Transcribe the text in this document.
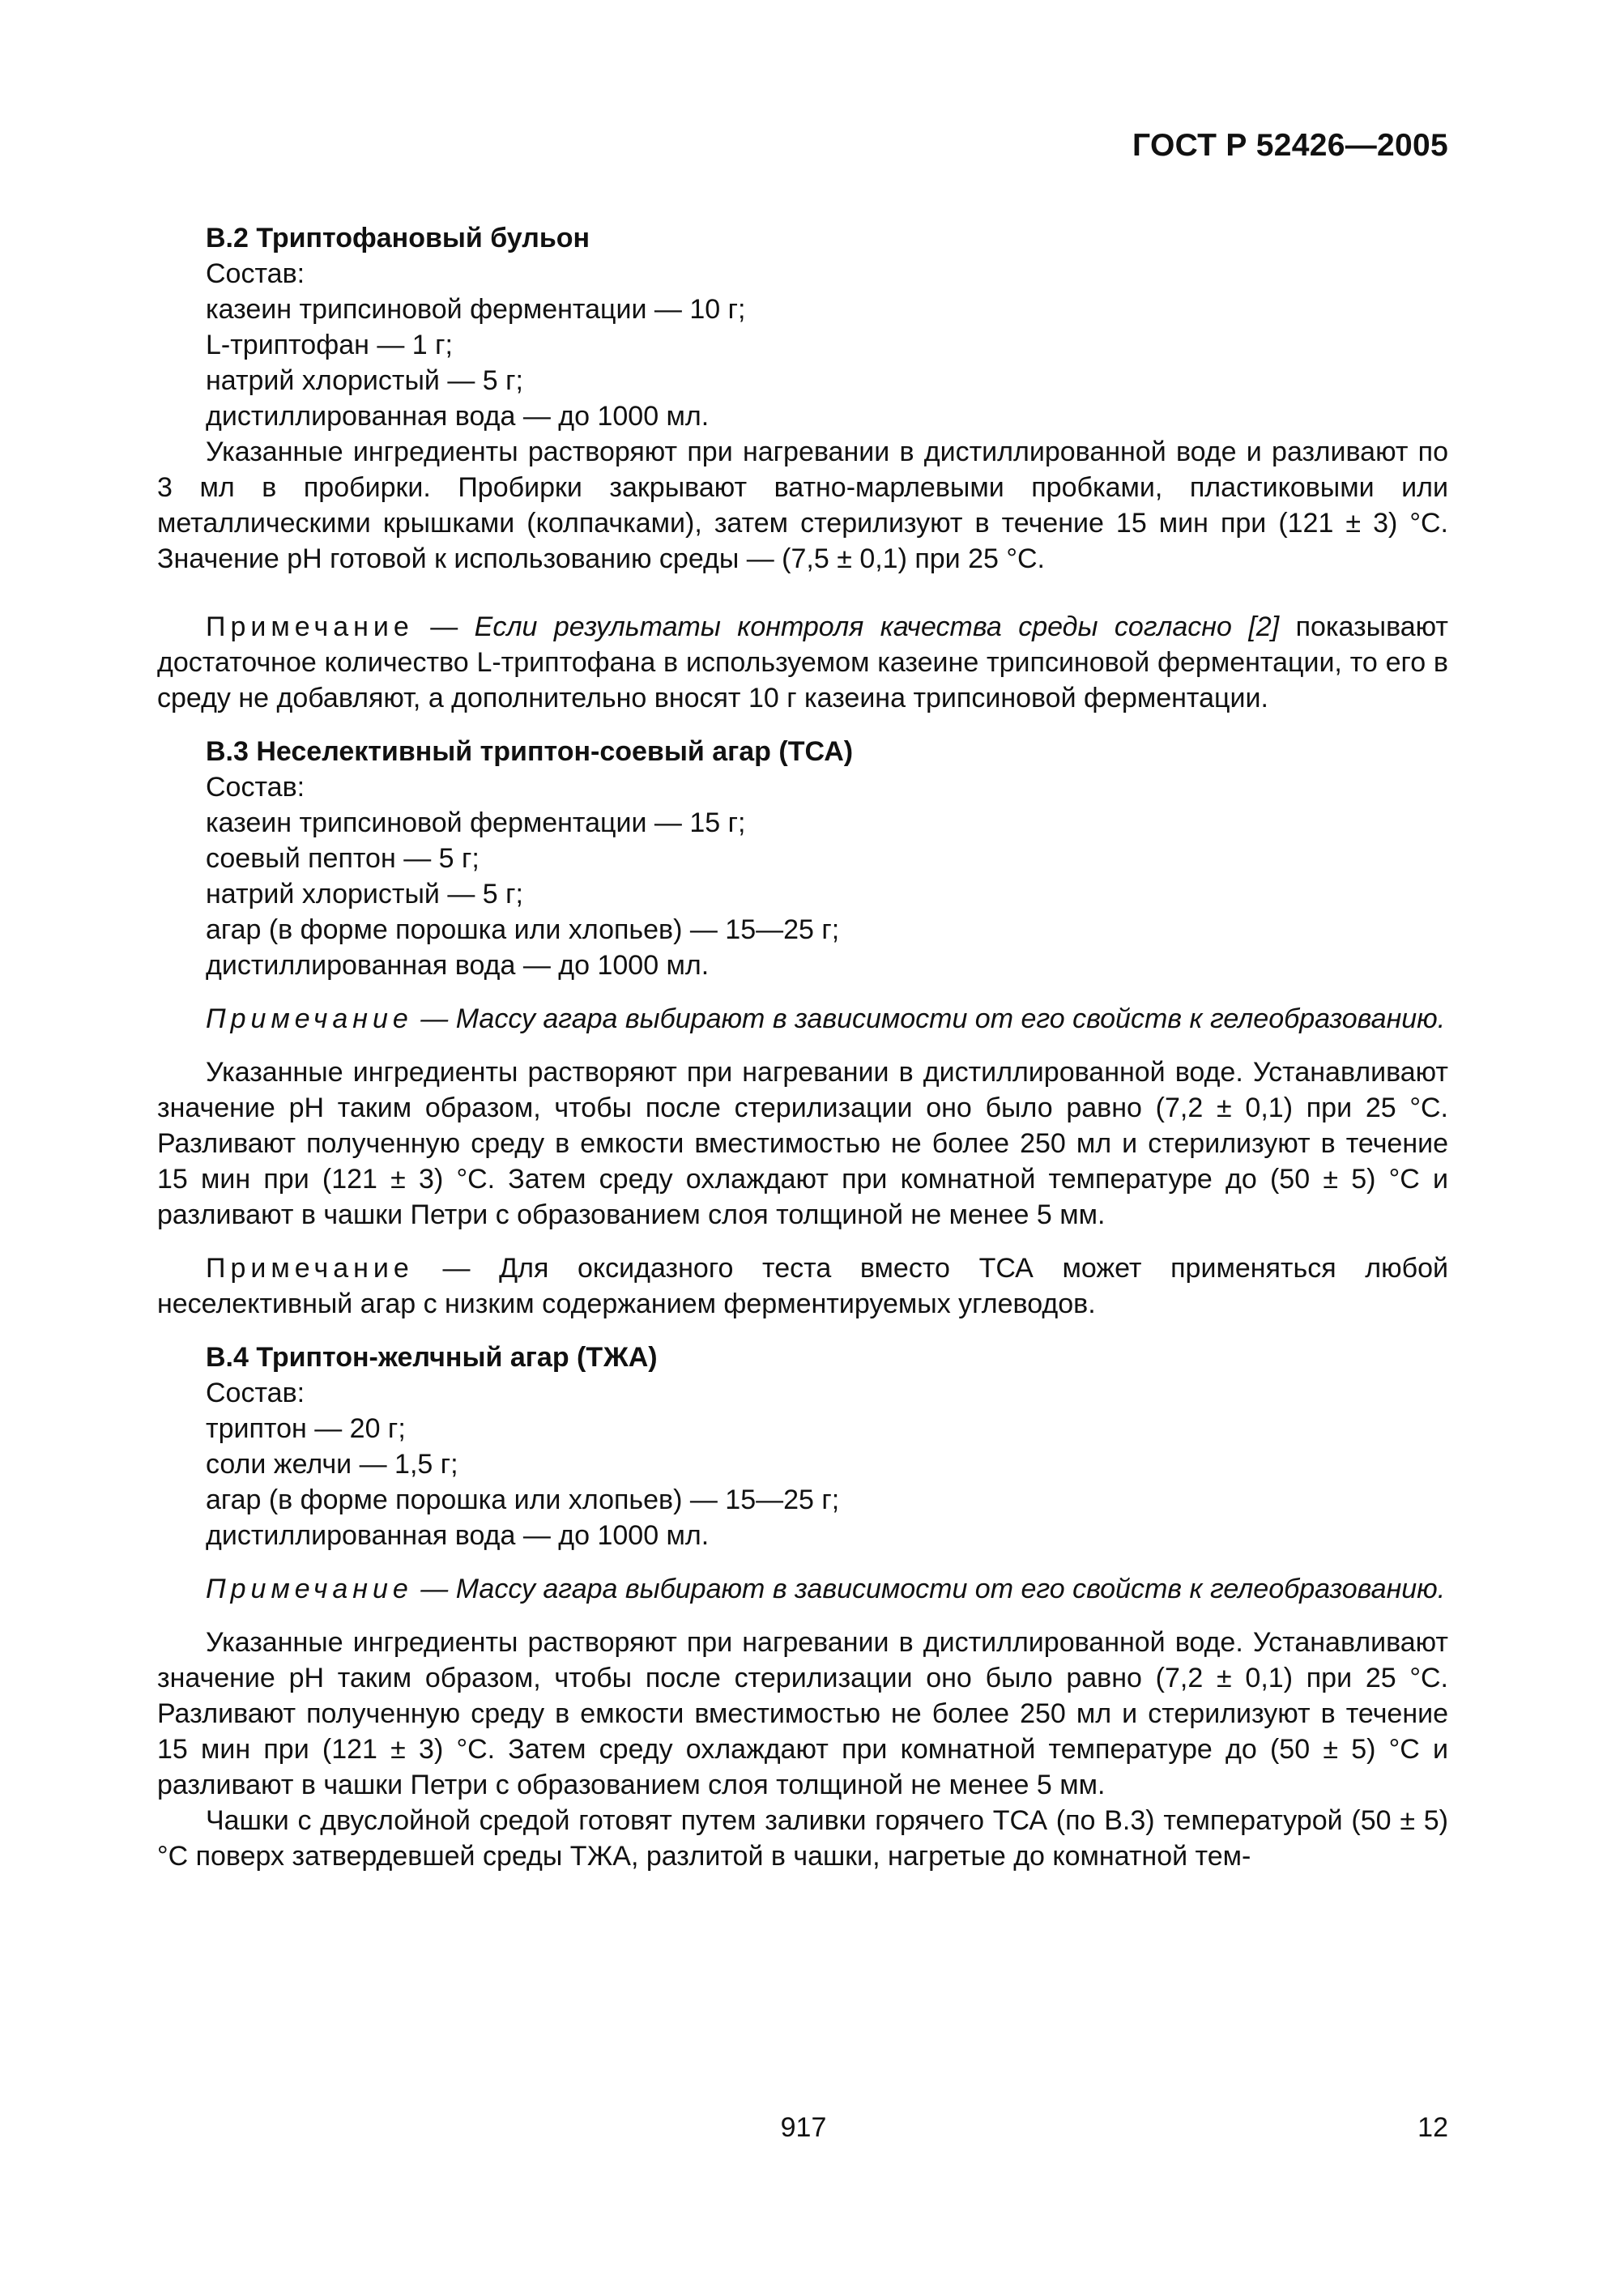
ГОСТ Р 52426—2005

В.2 Триптофановый бульон

Состав:

казеин трипсиновой ферментации — 10 г;

L-триптофан — 1 г;

натрий хлористый — 5 г;

дистиллированная вода — до 1000 мл.

Указанные ингредиенты растворяют при нагревании в дистиллированной воде и разливают по 3 мл в пробирки. Пробирки закрывают ватно-марлевыми пробками, пластиковыми или металлическими крышками (колпачками), затем стерилизуют в течение 15 мин при (121 ± 3) °С. Значение рН готовой к использованию среды — (7,5 ± 0,1) при 25 °С.

Примечание — Если результаты контроля качества среды согласно [2] показывают достаточное количество L-триптофана в используемом казеине трипсиновой ферментации, то его в среду не добавляют, а дополнительно вносят 10 г казеина трипсиновой ферментации.

В.3 Неселективный триптон-соевый агар (ТСА)

Состав:

казеин трипсиновой ферментации — 15 г;

соевый пептон — 5 г;

натрий хлористый — 5 г;

агар (в форме порошка или хлопьев) — 15—25 г;

дистиллированная вода — до 1000 мл.

Примечание — Массу агара выбирают в зависимости от его свойств к гелеобразованию.

Указанные ингредиенты растворяют при нагревании в дистиллированной воде. Устанавливают значение рН таким образом, чтобы после стерилизации оно было равно (7,2 ± 0,1) при 25 °С. Разливают полученную среду в емкости вместимостью не более 250 мл и стерилизуют в течение 15 мин при (121 ± 3) °С. Затем среду охлаждают при комнатной температуре до (50 ± 5) °С и разливают в чашки Петри с образованием слоя толщиной не менее 5 мм.

Примечание — Для оксидазного теста вместо ТСА может применяться любой неселективный агар с низким содержанием ферментируемых углеводов.

В.4 Триптон-желчный агар (ТЖА)

Состав:

триптон — 20 г;

соли желчи — 1,5 г;

агар (в форме порошка или хлопьев) — 15—25 г;

дистиллированная вода — до 1000 мл.

Примечание — Массу агара выбирают в зависимости от его свойств к гелеобразованию.

Указанные ингредиенты растворяют при нагревании в дистиллированной воде. Устанавливают значение рН таким образом, чтобы после стерилизации оно было равно (7,2 ± 0,1) при 25 °С. Разливают полученную среду в емкости вместимостью не более 250 мл и стерилизуют в течение 15 мин при (121 ± 3) °С. Затем среду охлаждают при комнатной температуре до (50 ± 5) °С и разливают в чашки Петри с образованием слоя толщиной не менее 5 мм.

Чашки с двуслойной средой готовят путем заливки горячего ТСА (по В.3) температурой (50 ± 5) °С поверх затвердевшей среды ТЖА, разлитой в чашки, нагретые до комнатной тем-

917	12
